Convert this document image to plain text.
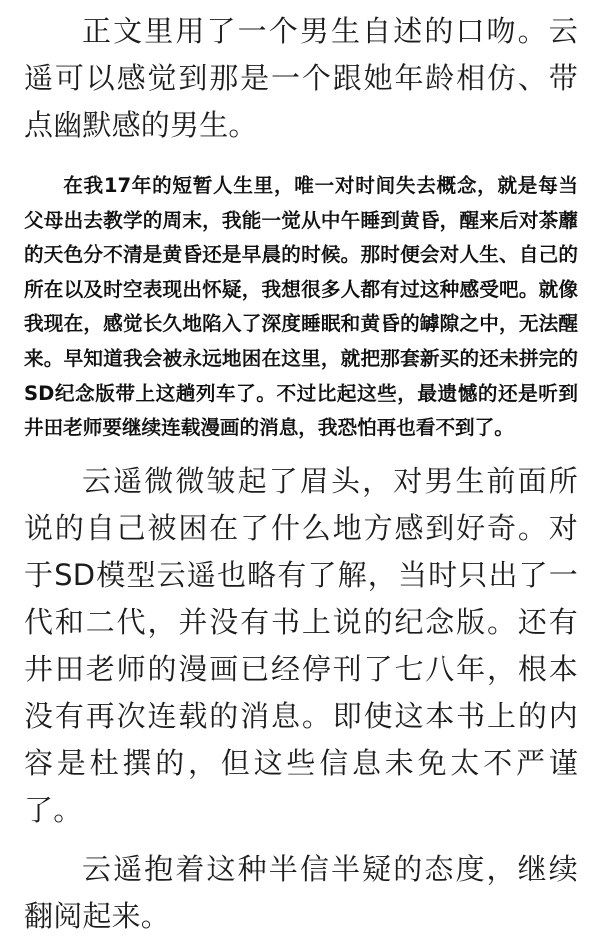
正文里用了一个男生自述的口吻。云遥可以感觉到那是一个跟她年龄相仿、带点幽默感的男生。

在我17年的短暂人生里，唯一对时间失去概念，就是每当父母出去教学的周末，我能一觉从中午睡到黄昏，醒来后对茶蘼的天色分不清是黄昏还是早晨的时候。那时便会对人生、自己的所在以及时空表现出怀疑，我想很多人都有过这种感受吧。就像我现在，感觉长久地陷入了深度睡眠和黄昏的罅隙之中，无法醒来。早知道我会被永远地困在这里，就把那套新买的还未拼完的SD纪念版带上这趟列车了。不过比起这些，最遗憾的还是听到井田老师要继续连载漫画的消息，我恐怕再也看不到了。

云遥微微皱起了眉头，对男生前面所说的自己被困在了什么地方感到好奇。对于SD模型云遥也略有了解，当时只出了一代和二代，并没有书上说的纪念版。还有井田老师的漫画已经停刊了七八年，根本没有再次连载的消息。即使这本书上的内容是杜撰的，但这些信息未免太不严谨了。

云遥抱着这种半信半疑的态度，继续翻阅起来。
